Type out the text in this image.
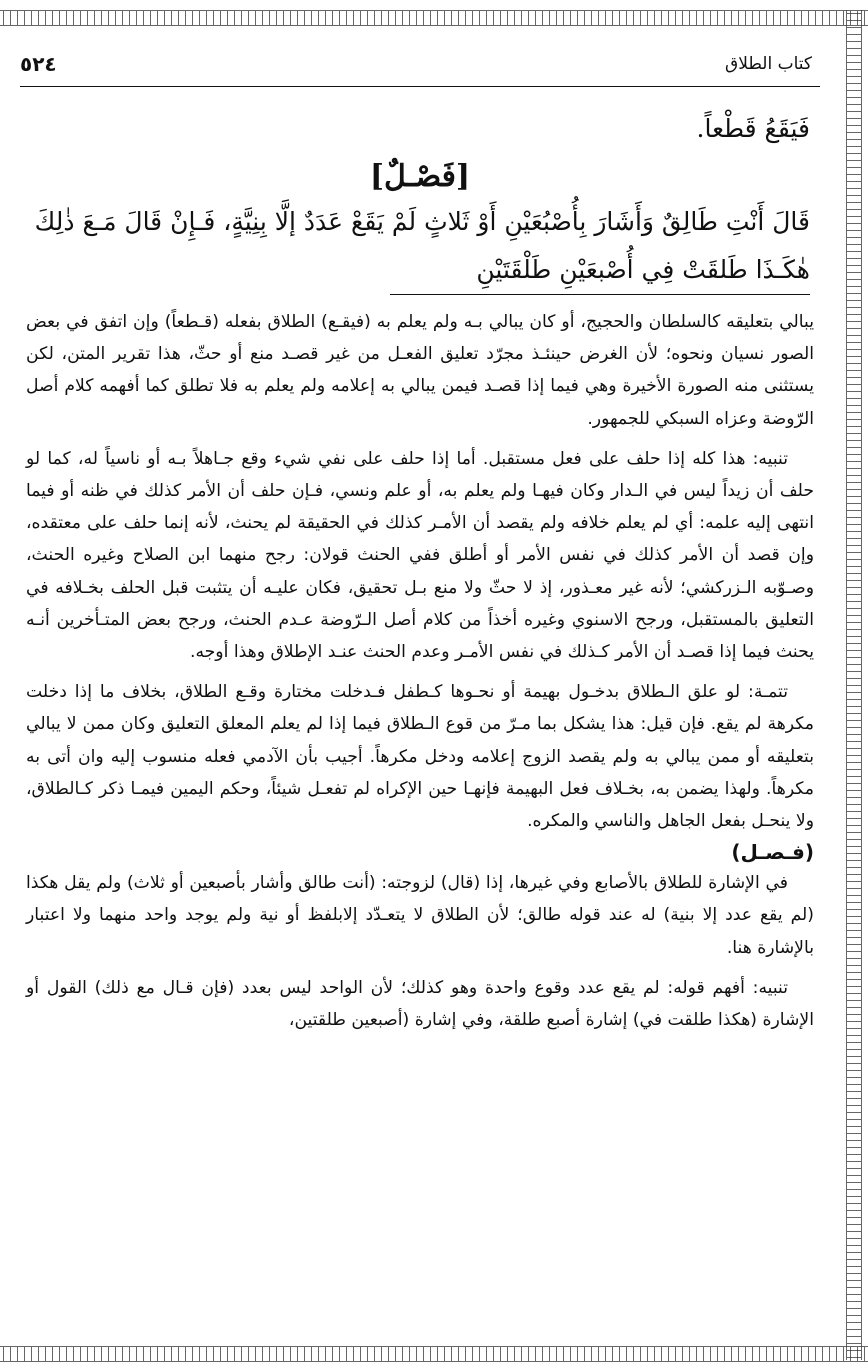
كتاب الطلاق
٥٢٤
فَيَقَعُ قَطْعاً.
[فَصْـلٌ]
قَالَ أَنْتِ طَالِقٌ وَأَشَارَ بِأُصْبُعَيْنِ أَوْ ثَلاثٍ لَمْ يَقَعْ عَدَدٌ إلَّا بِنِيَّةٍ، فَـإِنْ قَالَ مَـعَ ذٰلِكَ
هٰكَـذَا طَلقَتْ فِي أُصْبعَيْنِ طَلْقَتَيْنِ

يبالي بتعليقه كالسلطان والحجيج، أو كان يبالي بـه ولم يعلم به (فيقـع) الطلاق بفعله (قـطعاً) وإن اتفق في بعض الصور نسيان ونحوه؛ لأن الغرض حينئـذ مجرّد تعليق الفعـل من غير قصـد منع أو حثّ، هذا تقرير المتن، لكن يستثنى منه الصورة الأخيرة وهي فيما إذا قصـد فيمن يبالي به إعلامه ولم يعلم به فلا تطلق كما أفهمه كلام أصل الرّوضة وعزاه السبكي للجمهور.

تنبيه: هذا كله إذا حلف على فعل مستقبل. أما إذا حلف على نفي شيء وقع جـاهلاً بـه أو ناسياً له، كما لو حلف أن زيداً ليس في الـدار وكان فيهـا ولم يعلم به، أو علم ونسي، فـإن حلف أن الأمر كذلك في ظنه أو فيما انتهى إليه علمه: أي لم يعلم خلافه ولم يقصد أن الأمـر كذلك في الحقيقة لم يحنث، لأنه إنما حلف على معتقده، وإن قصد أن الأمر كذلك في نفس الأمر أو أطلق ففي الحنث قولان: رجح منهما ابن الصلاح وغيره الحنث، وصـوّبه الـزركشي؛ لأنه غير معـذور، إذ لا حثّ ولا منع بـل تحقيق، فكان عليـه أن يتثبت قبل الحلف بخـلافه في التعليق بالمستقبل، ورجح الاسنوي وغيره أخذاً من كلام أصل الـرّوضة عـدم الحنث، ورجح بعض المتـأخرين أنـه يحنث فيما إذا قصـد أن الأمر كـذلك في نفس الأمـر وعدم الحنث عنـد الإطلاق وهذا أوجه.

تتمـة: لو علق الـطلاق بدخـول بهيمة أو نحـوها كـطفل فـدخلت مختارة وقـع الطلاق، بخلاف ما إذا دخلت مكرهة لم يقع. فإن قيل: هذا يشكل بما مـرّ من قوع الـطلاق فيما إذا لم يعلم المعلق التعليق وكان ممن لا يبالي بتعليقه أو ممن يبالي به ولم يقصد الزوج إعلامه ودخل مكرهاً. أجيب بأن الآدمي فعله منسوب إليه وان أتى به مكرهاً. ولهذا يضمن به، بخـلاف فعل البهيمة فإنهـا حين الإكراه لم تفعـل شيئاً، وحكم اليمين فيمـا ذكر كـالطلاق، ولا ينحـل بفعل الجاهل والناسي والمكره.

(فـصـل)

في الإشارة للطلاق بالأصابع وفي غيرها، إذا (قال) لزوجته: (أنت طالق وأشار بأصبعين أو ثلاث) ولم يقل هكذا (لم يقع عدد إلا بنية) له عند قوله طالق؛ لأن الطلاق لا يتعـدّد إلابلفظ أو نية ولم يوجد واحد منهما ولا اعتبار بالإشارة هنا.

تنبيه: أفهم قوله: لم يقع عدد وقوع واحدة وهو كذلك؛ لأن الواحد ليس بعدد (فإن قـال مع ذلك) القول أو الإشارة (هكذا طلقت في) إشارة أصبع طلقة، وفي إشارة (أصبعين طلقتين،
